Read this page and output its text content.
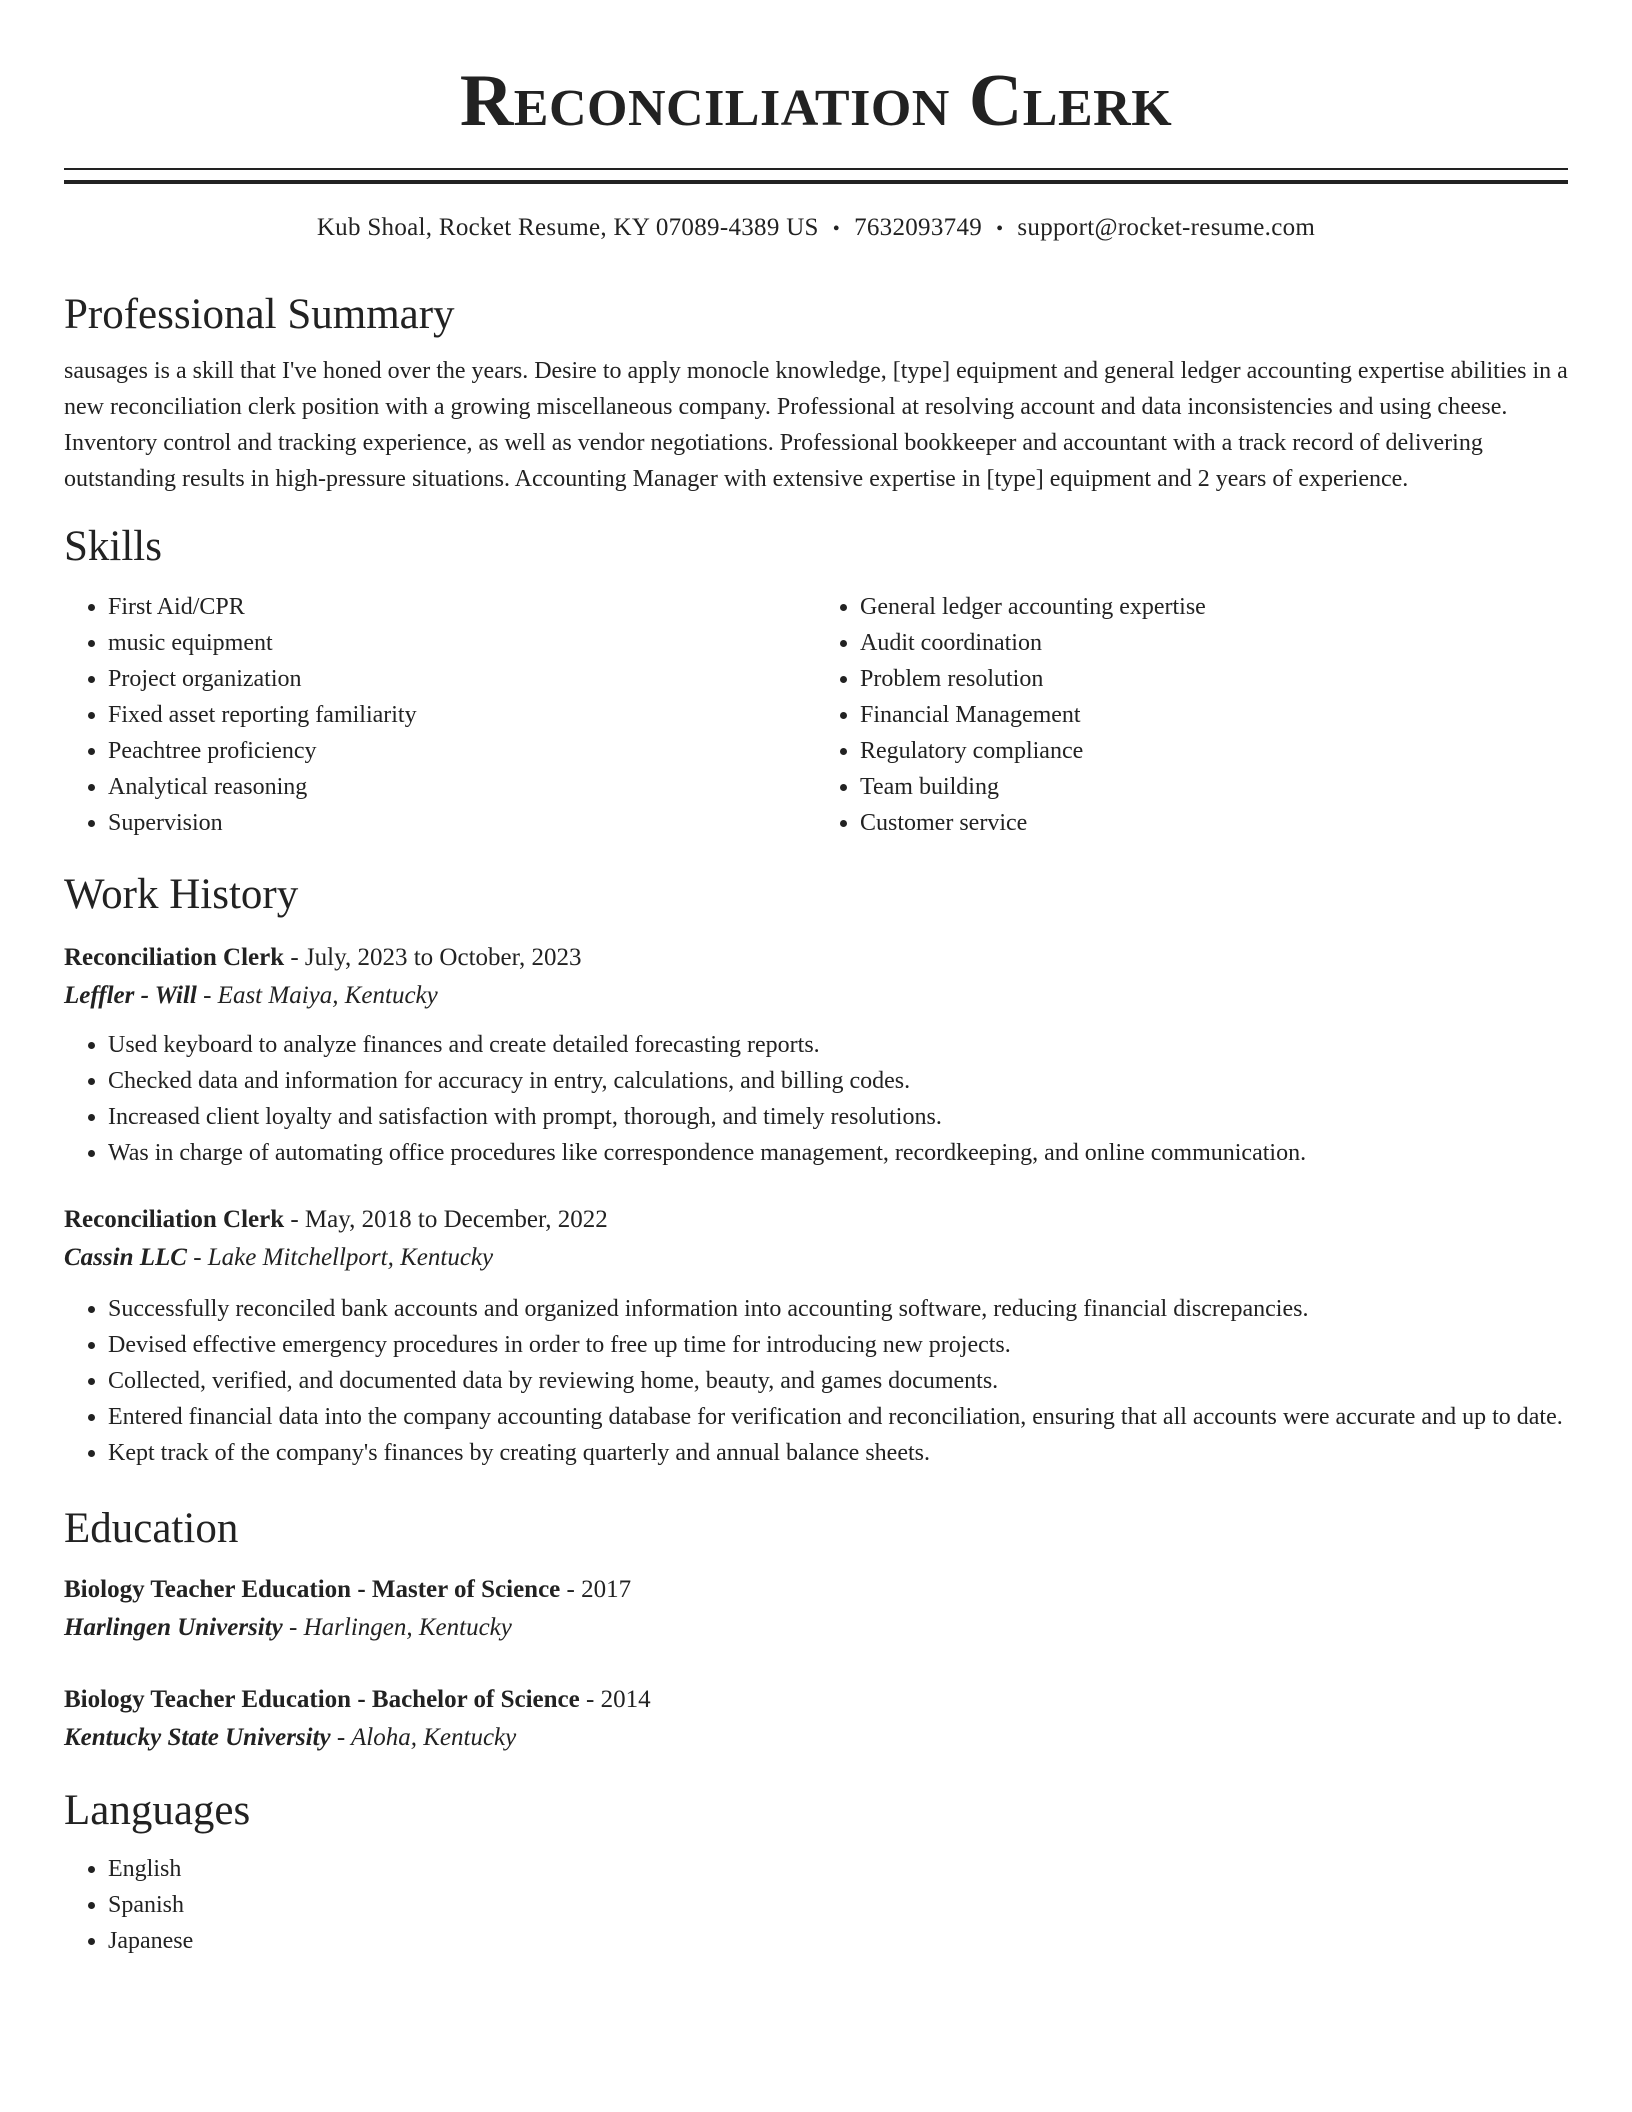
Reconciliation Clerk
Kub Shoal, Rocket Resume, KY 07089-4389 US • 7632093749 • support@rocket-resume.com
Professional Summary
sausages is a skill that I've honed over the years. Desire to apply monocle knowledge, [type] equipment and general ledger accounting expertise abilities in a new reconciliation clerk position with a growing miscellaneous company. Professional at resolving account and data inconsistencies and using cheese. Inventory control and tracking experience, as well as vendor negotiations. Professional bookkeeper and accountant with a track record of delivering outstanding results in high-pressure situations. Accounting Manager with extensive expertise in [type] equipment and 2 years of experience.
Skills
• First Aid/CPR
• music equipment
• Project organization
• Fixed asset reporting familiarity
• Peachtree proficiency
• Analytical reasoning
• Supervision
• General ledger accounting expertise
• Audit coordination
• Problem resolution
• Financial Management
• Regulatory compliance
• Team building
• Customer service
Work History
Reconciliation Clerk - July, 2023 to October, 2023
Leffler - Will - East Maiya, Kentucky
• Used keyboard to analyze finances and create detailed forecasting reports.
• Checked data and information for accuracy in entry, calculations, and billing codes.
• Increased client loyalty and satisfaction with prompt, thorough, and timely resolutions.
• Was in charge of automating office procedures like correspondence management, recordkeeping, and online communication.
Reconciliation Clerk - May, 2018 to December, 2022
Cassin LLC - Lake Mitchellport, Kentucky
• Successfully reconciled bank accounts and organized information into accounting software, reducing financial discrepancies.
• Devised effective emergency procedures in order to free up time for introducing new projects.
• Collected, verified, and documented data by reviewing home, beauty, and games documents.
• Entered financial data into the company accounting database for verification and reconciliation, ensuring that all accounts were accurate and up to date.
• Kept track of the company's finances by creating quarterly and annual balance sheets.
Education
Biology Teacher Education - Master of Science - 2017
Harlingen University - Harlingen, Kentucky
Biology Teacher Education - Bachelor of Science - 2014
Kentucky State University - Aloha, Kentucky
Languages
• English
• Spanish
• Japanese
